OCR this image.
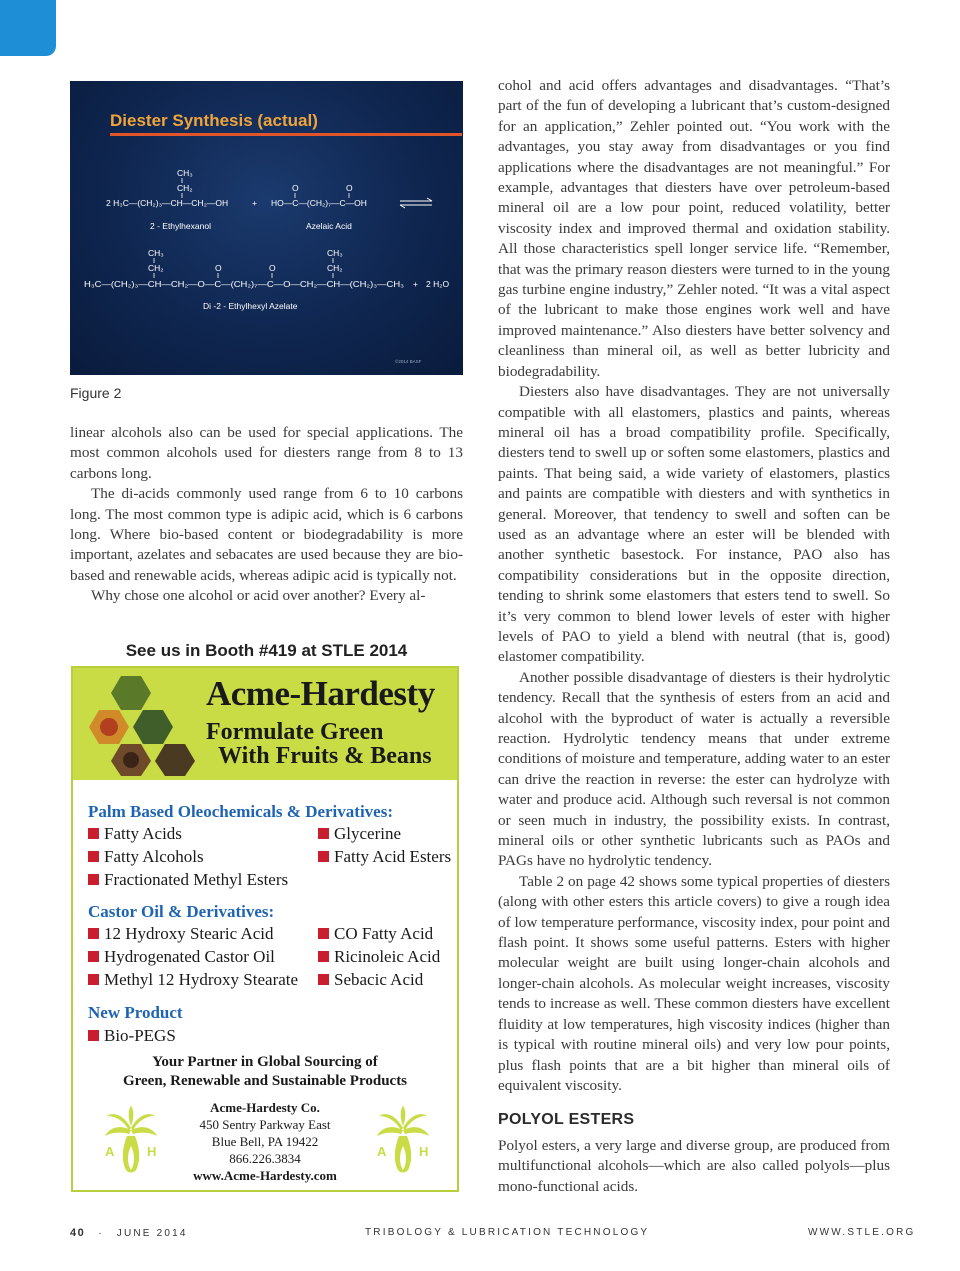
Diester Synthesis (actual)
CH₃
CH₂
2 H₃C—(CH₂)₃—CH—CH₂—OH	+
O	O
HO—C—(CH₂)₇—C—OH
2 - Ethylhexanol	Azelaic Acid
CH₃
CH₂
CH₃
CH₂
O	O
H₃C—(CH₂)₃—CH—CH₂—O—C—(CH₂)₇—C—O—CH₂—CH—(CH₂)₃—CH₃ + 2 H₂O
Di -2 - Ethylhexyl Azelate
©2014 BASF
Figure 2

linear alcohols also can be used for special applications. The most common alcohols used for diesters range from 8 to 13 carbons long.

The di-acids commonly used range from 6 to 10 carbons long. The most common type is adipic acid, which is 6 carbons long. Where bio-based content or biodegradability is more important, azelates and sebacates are used because they are bio-based and renewable acids, whereas adipic acid is typically not.

Why chose one alcohol or acid over another? Every al-

See us in Booth #419 at STLE 2014
Acme-Hardesty
Formulate Green
With Fruits & Beans
Palm Based Oleochemicals & Derivatives:
Fatty Acids
Fatty Alcohols
Fractionated Methyl Esters
Glycerine
Fatty Acid Esters
Castor Oil & Derivatives:
12 Hydroxy Stearic Acid
Hydrogenated Castor Oil
Methyl 12 Hydroxy Stearate
CO Fatty Acid
Ricinoleic Acid
Sebacic Acid
New Product
Bio-PEGS
Your Partner in Global Sourcing of
Green, Renewable and Sustainable Products
A	H	A	H
Acme-Hardesty Co.
450 Sentry Parkway East
Blue Bell, PA 19422
866.226.3834
www.Acme-Hardesty.com

cohol and acid offers advantages and disadvantages. “That’s part of the fun of developing a lubricant that’s custom-designed for an application,” Zehler pointed out. “You work with the advantages, you stay away from disadvantages or you find applications where the disadvantages are not meaningful.” For example, advantages that diesters have over petroleum-based mineral oil are a low pour point, reduced volatility, better viscosity index and improved thermal and oxidation stability. All those characteristics spell longer service life. “Remember, that was the primary reason diesters were turned to in the young gas turbine engine industry,” Zehler noted. “It was a vital aspect of the lubricant to make those engines work well and have improved maintenance.” Also diesters have better solvency and cleanliness than mineral oil, as well as better lubricity and biodegradability.

Diesters also have disadvantages. They are not universally compatible with all elastomers, plastics and paints, whereas mineral oil has a broad compatibility profile. Specifically, diesters tend to swell up or soften some elastomers, plastics and paints. That being said, a wide variety of elastomers, plastics and paints are compatible with diesters and with synthetics in general. Moreover, that tendency to swell and soften can be used as an advantage where an ester will be blended with another synthetic basestock. For instance, PAO also has compatibility considerations but in the opposite direction, tending to shrink some elastomers that esters tend to swell. So it’s very common to blend lower levels of ester with higher levels of PAO to yield a blend with neutral (that is, good) elastomer compatibility.

Another possible disadvantage of diesters is their hydrolytic tendency. Recall that the synthesis of esters from an acid and alcohol with the byproduct of water is actually a reversible reaction. Hydrolytic tendency means that under extreme conditions of moisture and temperature, adding water to an ester can drive the reaction in reverse: the ester can hydrolyze with water and produce acid. Although such reversal is not common or seen much in industry, the possibility exists. In contrast, mineral oils or other synthetic lubricants such as PAOs and PAGs have no hydrolytic tendency.

Table 2 on page 42 shows some typical properties of diesters (along with other esters this article covers) to give a rough idea of low temperature performance, viscosity index, pour point and flash point. It shows some useful patterns. Esters with higher molecular weight are built using longer-chain alcohols and longer-chain alcohols. As molecular weight increases, viscosity tends to increase as well. These common diesters have excellent fluidity at low temperatures, high viscosity indices (higher than is typical with routine mineral oils) and very low pour points, plus flash points that are a bit higher than mineral oils of equivalent viscosity.

POLYOL ESTERS

Polyol esters, a very large and diverse group, are produced from multifunctional alcohols—which are also called polyols—plus mono-functional acids.

40 · JUNE 2014	TRIBOLOGY & LUBRICATION TECHNOLOGY	WWW.STLE.ORG
